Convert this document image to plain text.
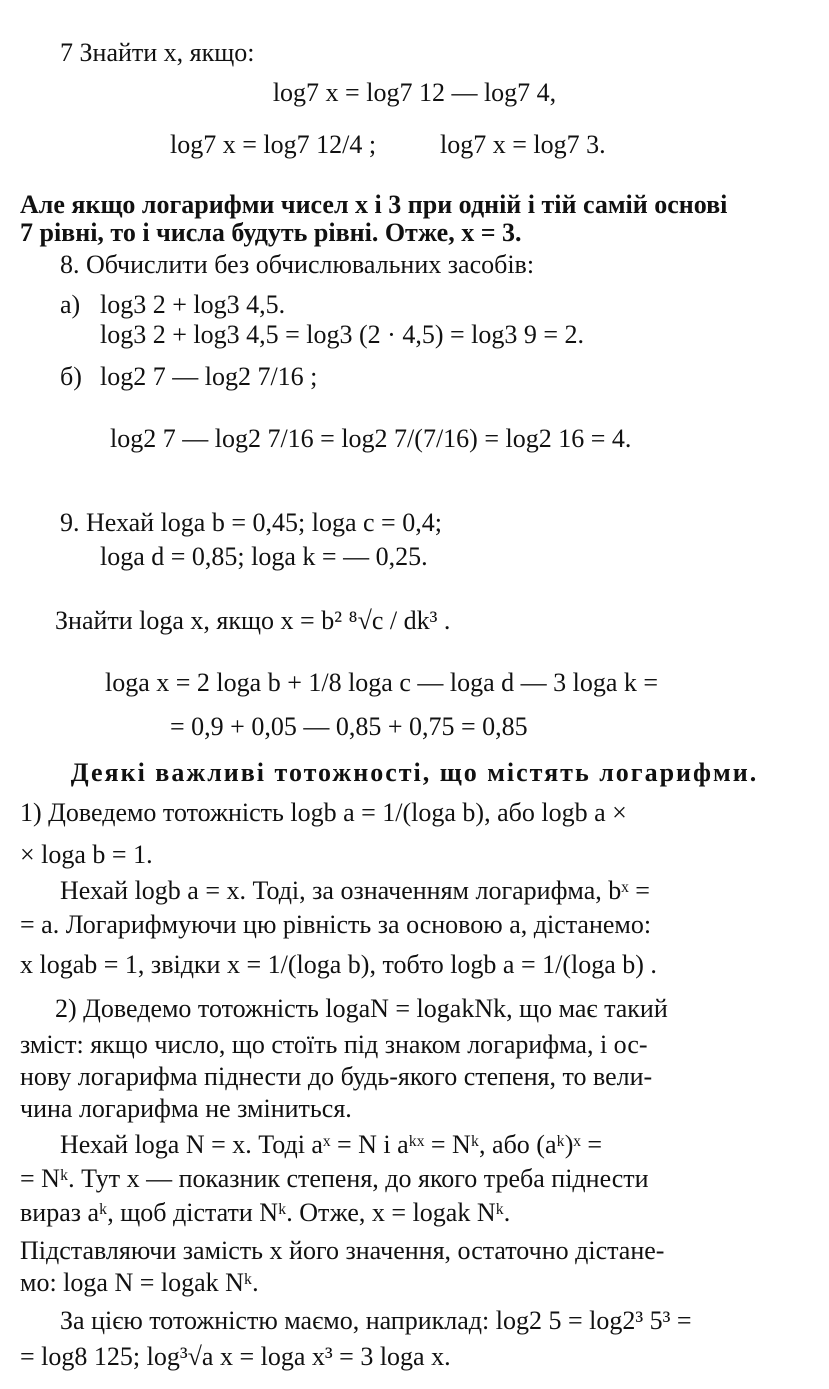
7 Знайти x, якщо:
log7 x = log7 12 — log7 4,
log7 x = log7 12/4 ; log7 x = log7 3.
Але якщо логарифми чисел x і 3 при одній і тій самій основі
7 рівні, то і числа будуть рівні. Отже, x = 3.
8. Обчислити без обчислювальних засобів:
а) log3 2 + log3 4,5.
log3 2 + log3 4,5 = log3 (2 · 4,5) = log3 9 = 2.
б) log2 7 — log2 7/16 ;
log2 7 — log2 7/16 = log2 7/(7/16) = log2 16 = 4.
9. Нехай loga b = 0,45; loga c = 0,4;
loga d = 0,85; loga k = — 0,25.
Знайти loga x, якщо x = b² ⁸√c / dk³ .
loga x = 2 loga b + 1/8 loga c — loga d — 3 loga k =
= 0,9 + 0,05 — 0,85 + 0,75 = 0,85
Деякі важливі тотожності, що містять логарифми.
1) Доведемо тотожність logb a = 1/(loga b), або logb a ×
× loga b = 1.
Нехай logb a = x. Тоді, за означенням логарифма, bˣ =
= a. Логарифмуючи цю рівність за основою a, дістанемо:
x logab = 1, звідки x = 1/(loga b), тобто logb a = 1/(loga b) .
2) Доведемо тотожність logaN = logakNk, що має такий
зміст: якщо число, що стоїть під знаком логарифма, і ос-
нову логарифма піднести до будь-якого степеня, то вели-
чина логарифма не зміниться.
Нехай loga N = x. Тоді aˣ = N і aᵏˣ = Nᵏ, або (aᵏ)ˣ =
= Nᵏ. Тут x — показник степеня, до якого треба піднести
вираз aᵏ, щоб дістати Nᵏ. Отже, x = logak Nᵏ.
Підставляючи замість x його значення, остаточно дістане-
мо: loga N = logak Nᵏ.
За цією тотожністю маємо, наприклад: log2 5 = log2³ 5³ =
= log8 125; log³√a x = loga x³ = 3 loga x.
